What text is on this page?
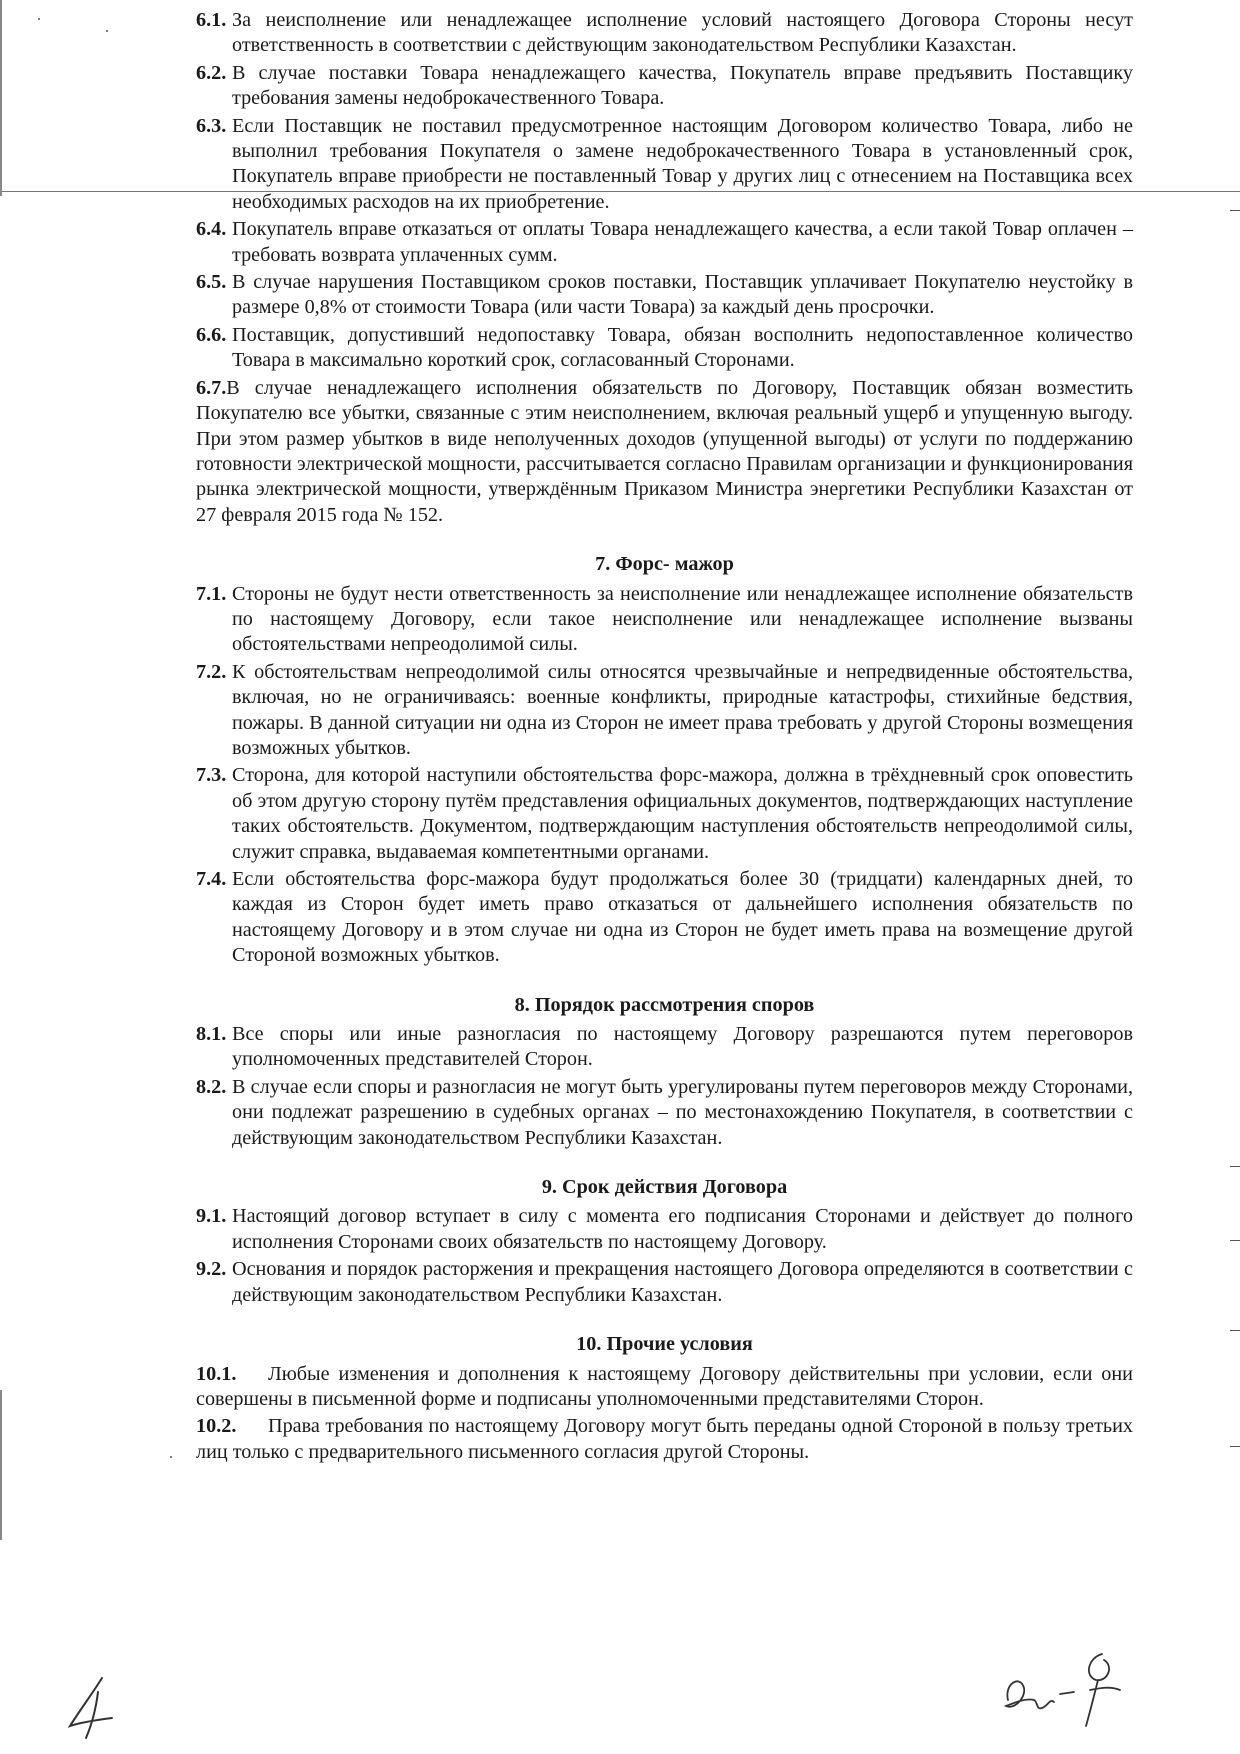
6.1. За неисполнение или ненадлежащее исполнение условий настоящего Договора Стороны несут ответственность в соответствии с действующим законодательством Республики Казахстан.
6.2. В случае поставки Товара ненадлежащего качества, Покупатель вправе предъявить Поставщику требования замены недоброкачественного Товара.
6.3. Если Поставщик не поставил предусмотренное настоящим Договором количество Товара, либо не выполнил требования Покупателя о замене недоброкачественного Товара в установленный срок, Покупатель вправе приобрести не поставленный Товар у других лиц с отнесением на Поставщика всех необходимых расходов на их приобретение.
6.4. Покупатель вправе отказаться от оплаты Товара ненадлежащего качества, а если такой Товар оплачен – требовать возврата уплаченных сумм.
6.5. В случае нарушения Поставщиком сроков поставки, Поставщик уплачивает Покупателю неустойку в размере 0,8% от стоимости Товара (или части Товара) за каждый день просрочки.
6.6. Поставщик, допустивший недопоставку Товара, обязан восполнить недопоставленное количество Товара в максимально короткий срок, согласованный Сторонами.
6.7.В случае ненадлежащего исполнения обязательств по Договору, Поставщик обязан возместить Покупателю все убытки, связанные с этим неисполнением, включая реальный ущерб и упущенную выгоду. При этом размер убытков в виде неполученных доходов (упущенной выгоды) от услуги по поддержанию готовности электрической мощности, рассчитывается согласно Правилам организации и функционирования рынка электрической мощности, утверждённым Приказом Министра энергетики Республики Казахстан от 27 февраля 2015 года № 152.
7. Форс- мажор
7.1. Стороны не будут нести ответственность за неисполнение или ненадлежащее исполнение обязательств по настоящему Договору, если такое неисполнение или ненадлежащее исполнение вызваны обстоятельствами непреодолимой силы.
7.2. К обстоятельствам непреодолимой силы относятся чрезвычайные и непредвиденные обстоятельства, включая, но не ограничиваясь: военные конфликты, природные катастрофы, стихийные бедствия, пожары. В данной ситуации ни одна из Сторон не имеет права требовать у другой Стороны возмещения возможных убытков.
7.3. Сторона, для которой наступили обстоятельства форс-мажора, должна в трёхдневный срок оповестить об этом другую сторону путём представления официальных документов, подтверждающих наступление таких обстоятельств. Документом, подтверждающим наступления обстоятельств непреодолимой силы, служит справка, выдаваемая компетентными органами.
7.4. Если обстоятельства форс-мажора будут продолжаться более 30 (тридцати) календарных дней, то каждая из Сторон будет иметь право отказаться от дальнейшего исполнения обязательств по настоящему Договору и в этом случае ни одна из Сторон не будет иметь права на возмещение другой Стороной возможных убытков.
8. Порядок рассмотрения споров
8.1. Все споры или иные разногласия по настоящему Договору разрешаются путем переговоров уполномоченных представителей Сторон.
8.2. В случае если споры и разногласия не могут быть урегулированы путем переговоров между Сторонами, они подлежат разрешению в судебных органах – по местонахождению Покупателя, в соответствии с действующим законодательством Республики Казахстан.
9. Срок действия Договора
9.1. Настоящий договор вступает в силу с момента его подписания Сторонами и действует до полного исполнения Сторонами своих обязательств по настоящему Договору.
9.2. Основания и порядок расторжения и прекращения настоящего Договора определяются в соответствии с действующим законодательством Республики Казахстан.
10. Прочие условия
10.1. Любые изменения и дополнения к настоящему Договору действительны при условии, если они совершены в письменной форме и подписаны уполномоченными представителями Сторон.
10.2. Права требования по настоящему Договору могут быть переданы одной Стороной в пользу третьих лиц только с предварительного письменного согласия другой Стороны.
